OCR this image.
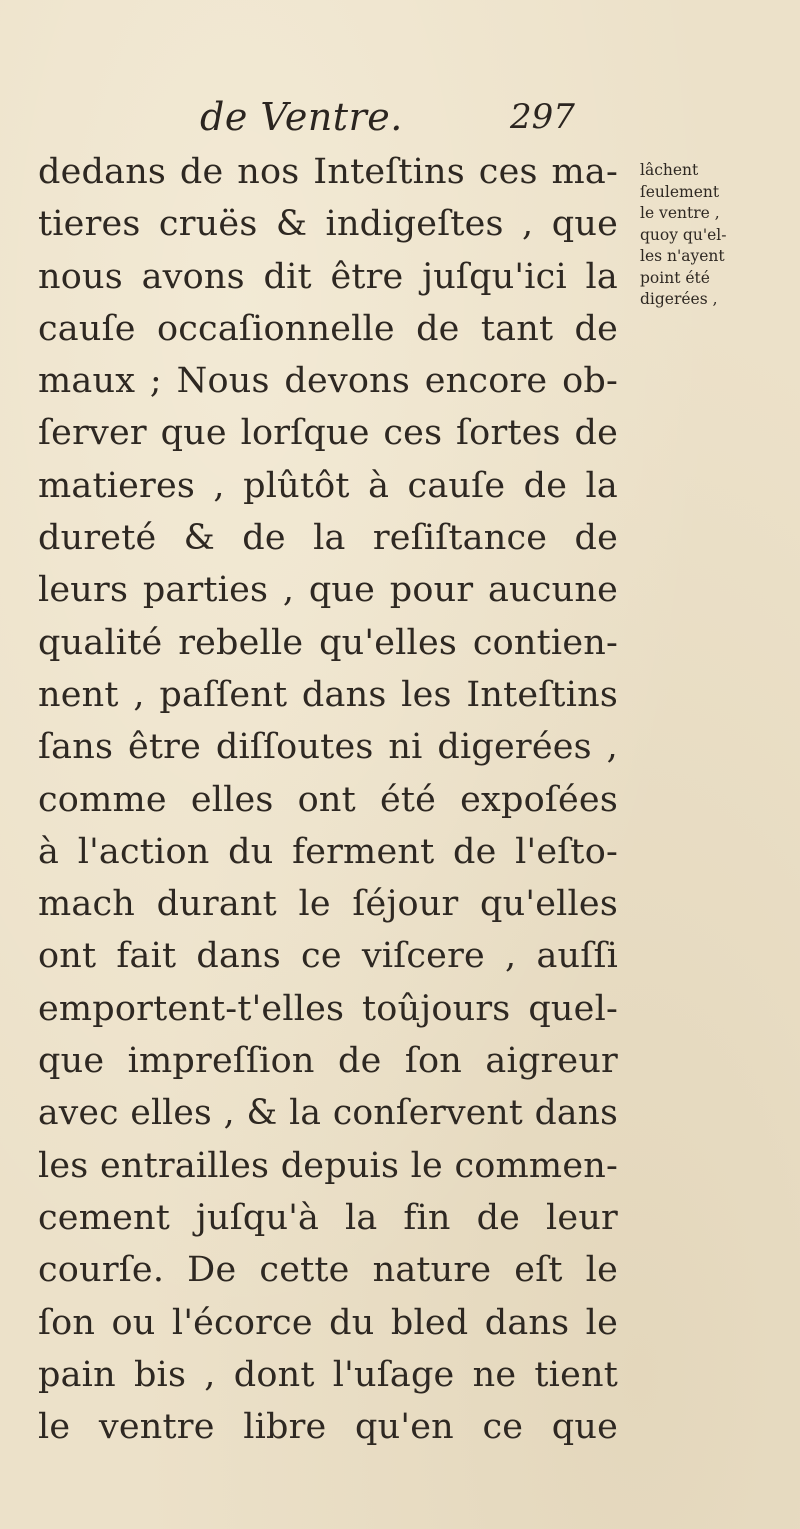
de Ventre.	297
dedans de nos Inteſtins ces ma-
tieres cruës & indigeſtes , que
nous avons dit être juſqu'ici la
cauſe occaſionnelle de tant de
maux ; Nous devons encore ob-
ſerver que lorſque ces ſortes de
matieres , plûtôt à cauſe de la
dureté & de la reſiſtance de
leurs parties , que pour aucune
qualité rebelle qu'elles contien-
nent , paſſent dans les Inteſtins
ſans être diſſoutes ni digerées ,
comme elles ont été expoſées
à l'action du ferment de l'eſto-
mach durant le ſéjour qu'elles
ont fait dans ce viſcere , auſſi
emportent-t'elles toûjours quel-
que impreſſion de ſon aigreur
avec elles , & la conſervent dans
les entrailles depuis le commen-
cement juſqu'à la fin de leur
courſe. De cette nature eſt le
ſon ou l'écorce du bled dans le
pain bis , dont l'uſage ne tient
le ventre libre qu'en ce que
lâchent
ſeulement
le ventre ,
quoy qu'el-
les n'ayent
point été
digerées ,
